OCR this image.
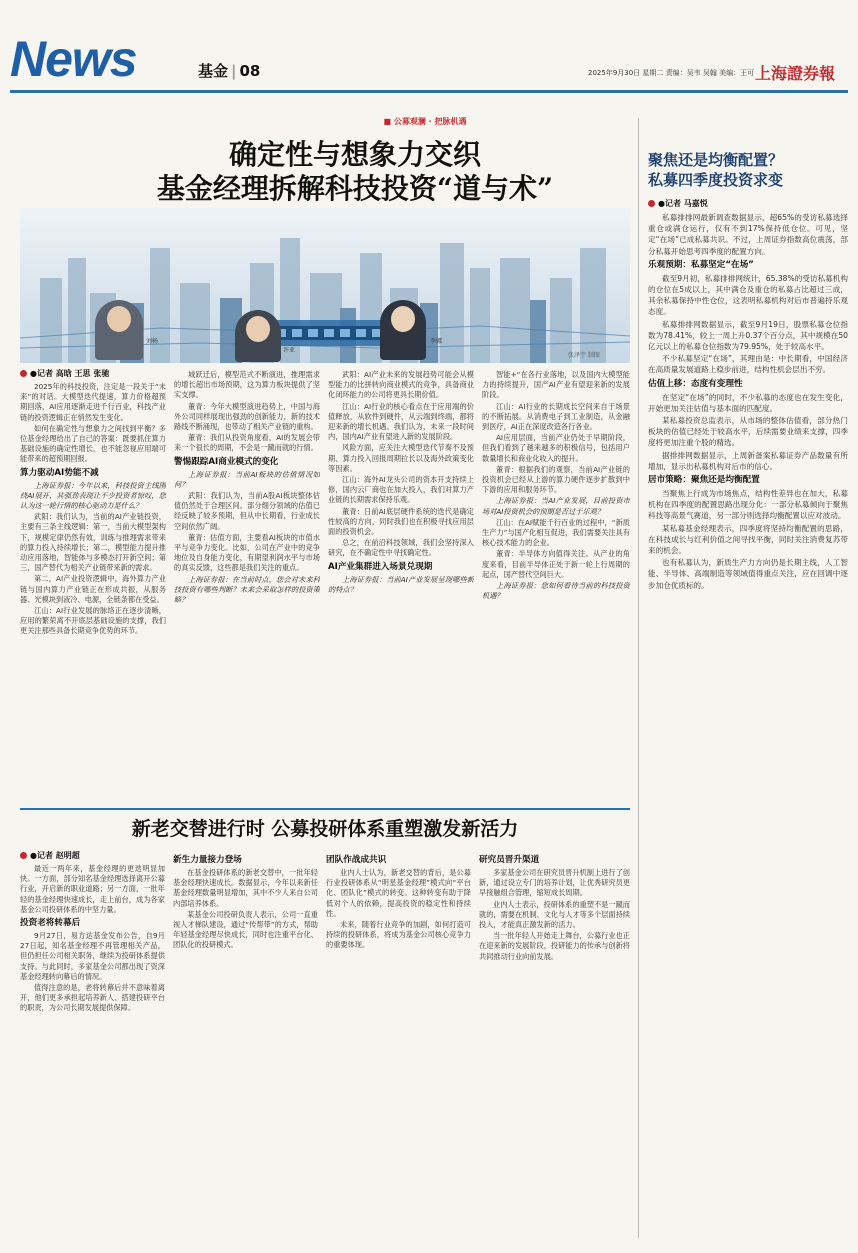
News	基金 | 08	2025年9月30日 星期二 责编：吴韦 吴翰 美编：王可 上海證券報
■ 公募观澜 · 把脉机遇
确定性与想象力交织
基金经理拆解科技投资“道与术”
刘畅
许亚
李娜
张泽宇 制图
●记者 高晗 王思 张驰

2025年的科技投资，注定是一段关于“未来”的对话。大模型迭代提速，算力价格超预期回落，AI应用逐渐走进千行百业，科技产业链的投资逻辑正在悄然发生变化。

如何在确定性与想象力之间找到平衡？多位基金经理给出了自己的答案：既要抓住算力基础设施的确定性增长，也不能忽视应用端可能带来的超预期回报。

算力驱动AI势能不减

上海证券报：今年以来，科技投资主线围绕AI展开，其强劲表现让不少投资者惊叹，您认为这一轮行情的核心驱动力是什么？

武阳：我们认为，当前的AI产业链投资，主要有三条主线逻辑：第一，当前大模型架构下，规模定律仍然有效，训练与推理需求带来的算力投入持续增长；第二，模型能力提升推动应用落地，智能体与多模态打开新空间；第三，国产替代为相关产业链带来新的需求。

第二，AI产业投资逻辑中，海外算力产业链与国内算力产业链正在形成共振，从服务器、光模块到液冷、电源，全链条都在受益。

江山：AI行业发展的脉络正在逐步清晰，应用的繁荣离不开底层基础设施的支撑，我们更关注那些具备长期竞争优势的环节。

城跃迁后，模型范式不断演进，推理需求的增长超出市场预期，这为算力板块提供了坚实支撑。

董青：今年大模型演进趋势上，中国与海外公司同样展现出强劲的创新能力，新的技术路线不断涌现，也带动了相关产业链的重构。

董青：我们从投资角度看，AI的发展会带来一个很长的周期，不会是一蹴而就的行情。

警惕跟踪AI商业模式的变化

上海证券报：当前AI板块的估值情况如何？

武阳：我们认为，当前A股AI板块整体估值仍然处于合理区间。部分细分领域的估值已经反映了较多预期，但从中长期看，行业成长空间依然广阔。

董青：估值方面，主要看AI板块的市值水平与竞争力变化。比如，公司在产业中的竞争地位及自身能力变化，有期望利润水平与市场的真实反馈，这些都是我们关注的重点。

上海证券报：在当前时点，您会对未来科技投资有哪些判断？未来会采取怎样的投资策略？

武阳：AI产业未来的发展趋势可能会从模型能力的比拼转向商业模式的竞争，具备商业化闭环能力的公司将更具长期价值。

江山：AI行业的核心看点在于应用端的价值释放，从软件到硬件，从云端到终端，都将迎来新的增长机遇。我们认为，未来一段时间内，国内AI产业有望进入新的发展阶段。

风险方面，应关注大模型迭代节奏不及预期、算力投入回报周期拉长以及海外政策变化等因素。

江山：海外AI龙头公司的资本开支持续上修，国内云厂商也在加大投入，我们对算力产业链的长期需求保持乐观。

董青：日前AI底层硬件系统的迭代是确定性较高的方向，同时我们也在积极寻找应用层面的投资机会。

总之，在前沿科技领域，我们会坚持深入研究，在不确定性中寻找确定性。

AI产业集群进入场景兑现期

上海证券报：当前AI产业发展呈现哪些新的特点？

智能+“在各行业落地，以及国内大模型能力的持续提升，国产AI产业有望迎来新的发展阶段。

江山：AI行业的长期成长空间来自于场景的不断拓展。从消费电子到工业制造，从金融到医疗，AI正在深度改造各行各业。

AI应用层面，当前产业仍处于早期阶段，但我们看到了越来越多的积极信号，包括用户数量增长和商业化收入的提升。

董青：根据我们的观察，当前AI产业链的投资机会已经从上游的算力硬件逐步扩散到中下游的应用和服务环节。

上海证券报：当AI产业发展，目前投资市场对AI投资机会的预期是否过于乐观？

江山：在AI赋能千行百业的过程中，“新质生产力”与国产化相互促进，我们需要关注具有核心技术能力的企业。

董青：半导体方向值得关注。从产业的角度来看，目前半导体正处于新一轮上行周期的起点，国产替代空间巨大。

上海证券报：您如何看待当前的科技投资机遇？

聚焦还是均衡配置？
私募四季度投资求变
●记者 马嘉悦

私募排排网最新调查数据显示，超65%的受访私募选择重仓或满仓运行，仅有不到17%保持低仓位。可见，坚定“在场”已成私募共识。不过，上周证券指数高位震荡，部分私募开始思考四季度的配置方向。

乐观预期：私募坚定“在场”

截至9月初，私募排排网统计，65.38%的受访私募机构的仓位在5成以上，其中满仓及重仓的私募占比超过三成，其余私募保持中性仓位，这表明私募机构对后市普遍持乐观态度。

私募排排网数据显示，截至9月19日，股票私募仓位指数为78.41%，较上一周上升0.37个百分点，其中规模在50亿元以上的私募仓位指数为79.95%，处于较高水平。

不少私募坚定“在场”，其理由是：中长期看，中国经济在高质量发展道路上稳步前进，结构性机会层出不穷。

估值上移：态度有变理性

在坚定“在场”的同时，不少私募的态度也在发生变化，开始更加关注估值与基本面的匹配度。

某私募投资总监表示，从市场的整体估值看，部分热门板块的估值已经处于较高水平，后续需要业绩来支撑，四季度将更加注重个股的精选。

据排排网数据显示，上周新备案私募证券产品数量有所增加，显示出私募机构对后市的信心。

居市策略：聚焦还是均衡配置

当聚焦上行成为市场焦点，结构性差异也在加大，私募机构在四季度的配置思路出现分化：一部分私募倾向于聚焦科技等高景气赛道，另一部分则选择均衡配置以应对波动。

某私募基金经理表示，四季度将坚持均衡配置的思路，在科技成长与红利价值之间寻找平衡，同时关注消费复苏带来的机会。

也有私募认为，新质生产力方向仍是长期主线，人工智能、半导体、高端制造等领域值得重点关注，应在回调中逐步加仓优质标的。

新老交替进行时 公募投研体系重塑激发新活力
●记者 赵明超

最近一两年来，基金经理的更迭明显加快。一方面，部分知名基金经理选择离开公募行业，开启新的职业道路；另一方面，一批年轻的基金经理快速成长，走上前台，成为各家基金公司投研体系的中坚力量。

投资老将转幕后

9月27日，易方达基金发布公告，自9月27日起，知名基金经理不再管理相关产品，但仍担任公司相关职务，继续为投研体系提供支持。与此同时，多家基金公司都出现了资深基金经理转向幕后的情况。

值得注意的是，老将转幕后并不意味着离开，他们更多承担起培养新人、搭建投研平台的职责，为公司长期发展提供保障。

新生力量接力登场

在基金投研体系的新老交替中，一批年轻基金经理快速成长。数据显示，今年以来新任基金经理数量明显增加，其中不少人来自公司内部培养体系。

某基金公司投研负责人表示，公司一直重视人才梯队建设，通过“传帮带”的方式，帮助年轻基金经理尽快成长，同时也注重平台化、团队化的投研模式。

团队作战成共识

业内人士认为，新老交替的背后，是公募行业投研体系从“明星基金经理”模式向“平台化、团队化”模式的转变。这种转变有助于降低对个人的依赖，提高投资的稳定性和持续性。

未来，随着行业竞争的加剧，如何打造可持续的投研体系，将成为基金公司核心竞争力的重要体现。

研究员晋升渠道

多家基金公司在研究员晋升机制上进行了创新，通过设立专门的培养计划，让优秀研究员更早接触组合管理，缩短成长周期。

业内人士表示，投研体系的重塑不是一蹴而就的，需要在机制、文化与人才等多个层面持续投入，才能真正激发新的活力。

当一批年轻人开始走上舞台，公募行业也正在迎来新的发展阶段，投研能力的传承与创新将共同推动行业向前发展。
